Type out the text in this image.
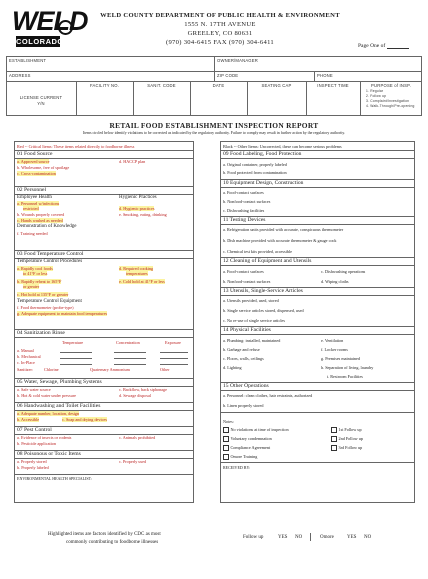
WELD
COLORADO
WELD COUNTY DEPARTMENT OF PUBLIC HEALTH & ENVIRONMENT
1555 N. 17TH AVENUE
GREELEY, CO 80631
(970) 304-6415 FAX (970) 304-6411	Page One of
ESTABLISHMENT	OWNER/MANAGER
ADDRESS	ZIP CODE	PHONE
LICENSE CURRENT
Y/N
FACILITY NO.	SANIT. CODE	DATE	SEATING CAP	INSPECT TIME	PURPOSE of INSP.
1. Regular
2. Follow up
3. Complaint/Investigation
4. Walk-Through/Pre-opening
RETAIL FOOD ESTABLISHMENT INSPECTION REPORT
Items circled below identify violations to be corrected as indicated by the regulatory authority. Failure to comply may result in further action by the regulatory authority.
Red -- Critical Items: These items related directly to foodborne illness
01 Food Source
a. Approved source	d. HACCP plan
b. Wholesome, free of spoilage
c. Cross-contamination
02 Personnel
Employee Health	Hygienic Practices
a. Personnel w/infections
restricted	d. Hygienic practices
b. Wounds properly covered	e. Smoking, eating, drinking
c. Hands washed as needed
Demonstration of Knowledge
f. Training needed
03 Food Temperature Control
Temperature Control Procedures
a. Rapidly cool foods
to 41°F or less
d. Required cooking
temperatures
b. Rapidly reheat to 165°F
or greater
e. Cold hold at 41°F or less
c. Hot hold at 135°F or greater
Temperature Control Equipment
f. Food thermometer (probe-type)
g. Adequate equipment to maintain food temperatures
04 Sanitization Rinse
Temperature	Concentration	Exposure
a. Manual
b. Mechanical
c. In-Place
Sanitizer:	Chlorine	Quaternary Ammonium	Other
05 Water, Sewage, Plumbing Systems
a. Safe water source	c. Backflow, back siphonage
b. Hot & cold water under pressure	d. Sewage disposal
06 Handwashing and Toilet Facilities
a. Adequate number, location, design
b. Accessible	c. Soap and drying devices
07 Pest Control
a. Evidence of insects or rodents	c. Animals prohibited
b. Pesticide application
08 Poisonous or Toxic Items
a. Properly stored	c. Properly used
b. Properly labeled
ENVIRONMENTAL HEALTH SPECIALIST:
Black -- Other Items: Uncorrected, these can become serious problems
09 Food Labeling, Food Protection
a. Original container, properly labeled
b. Food protected from contamination
10 Equipment Design, Construction
a. Food-contact surfaces
b. Nonfood-contact surfaces
c. Dishwashing facilities
11 Testing Devices
a. Refrigeration units provided with accurate, conspicuous thermometer
b. Dish machine provided with accurate thermometer & gauge cock
c. Chemical test kits provided, accessible
12 Cleaning of Equipment and Utensils
a. Food-contact surfaces	c. Dishwashing operations
b. Nonfood-contact surfaces	d. Wiping cloths
13 Utensils, Single-Service Articles
a. Utensils provided, used, stored
b. Single service articles stored, dispensed, used
c. No re-use of single service articles
14 Physical Facilities
a. Plumbing: installed, maintained	e. Ventilation
b. Garbage and refuse	f. Locker rooms
c. Floors, walls, ceilings	g. Premises maintained
d. Lighting	h. Separation of living, laundry
i. Restroom Facilities
15 Other Operations
a. Personnel: clean clothes, hair restraints, authorized
b. Linen properly stored
Notes:
No violations at time of inspection
Voluntary condemnation
Compliance Agreement
Omore Training
1st Follow up
2nd Follow up
3rd Follow up
RECEIVED BY:
Highlighted items are factors identified by CDC as most
commonly contributing to foodborne illnesses
Follow up	YES NO	Omore	YES NO
